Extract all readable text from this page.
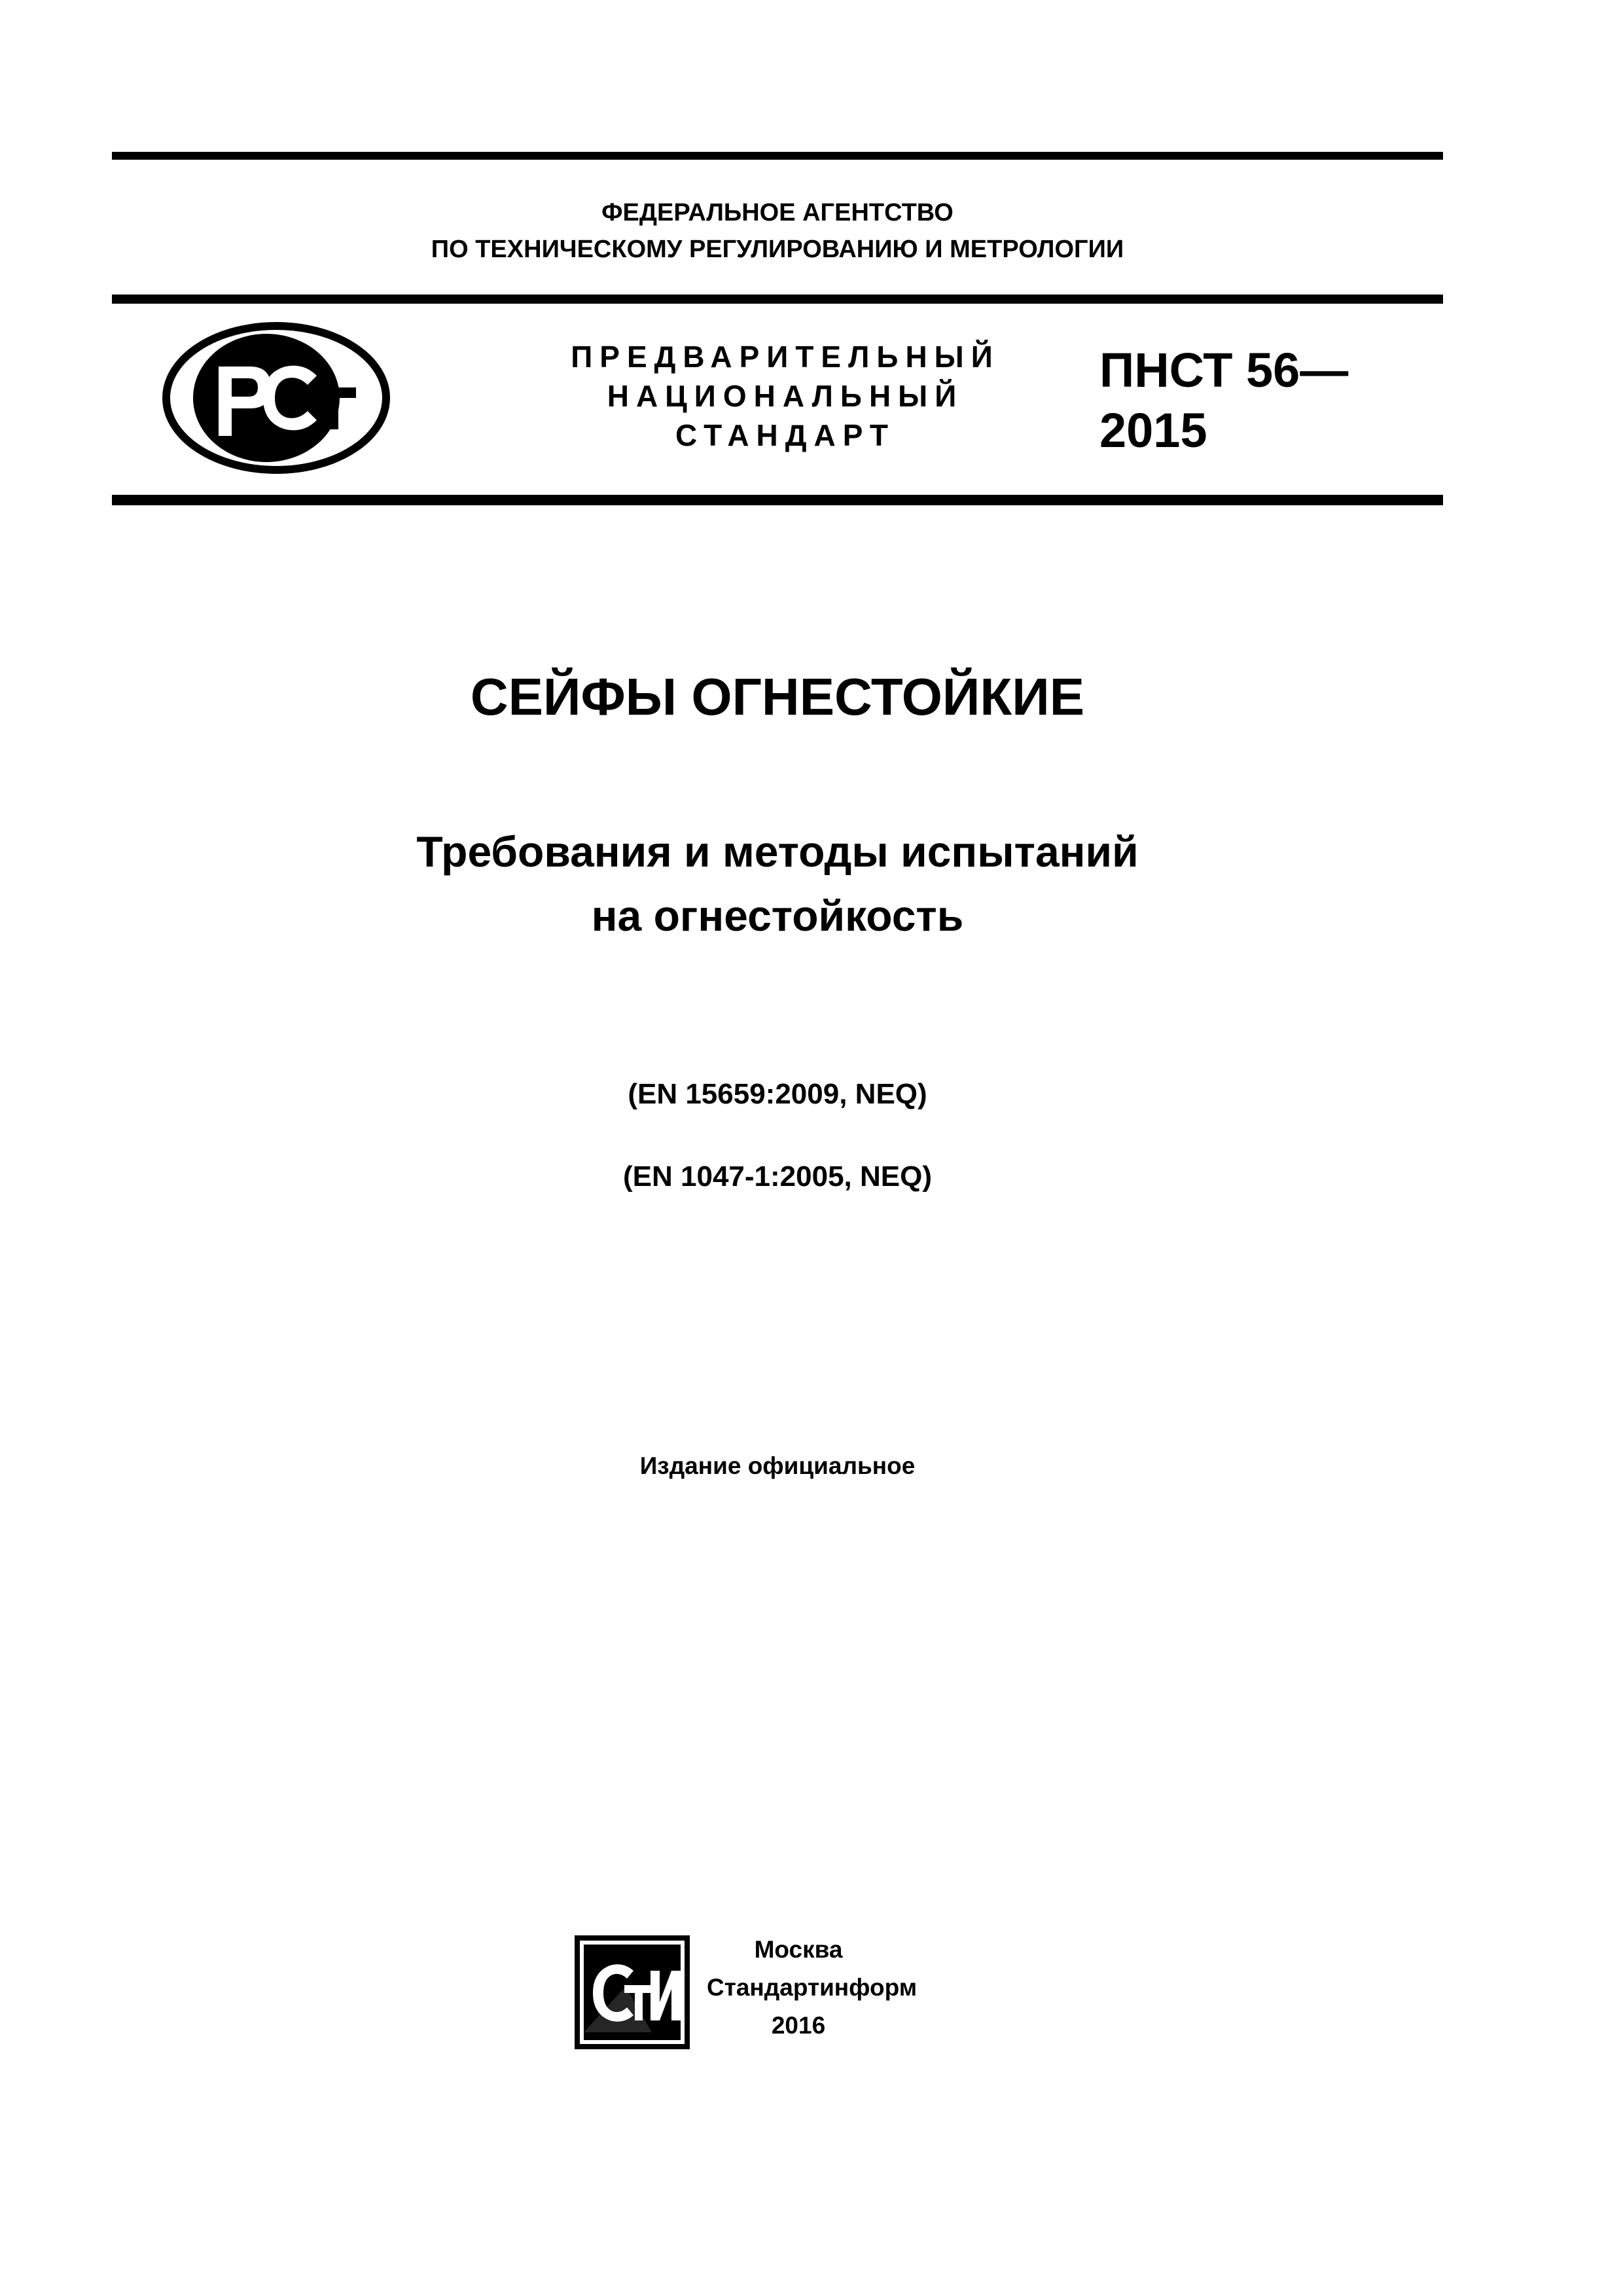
ФЕДЕРАЛЬНОЕ АГЕНТСТВО
ПО ТЕХНИЧЕСКОМУ РЕГУЛИРОВАНИЮ И МЕТРОЛОГИИ
ПРЕДВАРИТЕЛЬНЫЙ
НАЦИОНАЛЬНЫЙ
СТАНДАРТ
ПНСТ 56—
2015
СЕЙФЫ ОГНЕСТОЙКИЕ
Требования и методы испытаний
на огнестойкость
(EN 15659:2009, NEQ)
(EN 1047-1:2005, NEQ)
Издание официальное
Москва
Стандартинформ
2016
